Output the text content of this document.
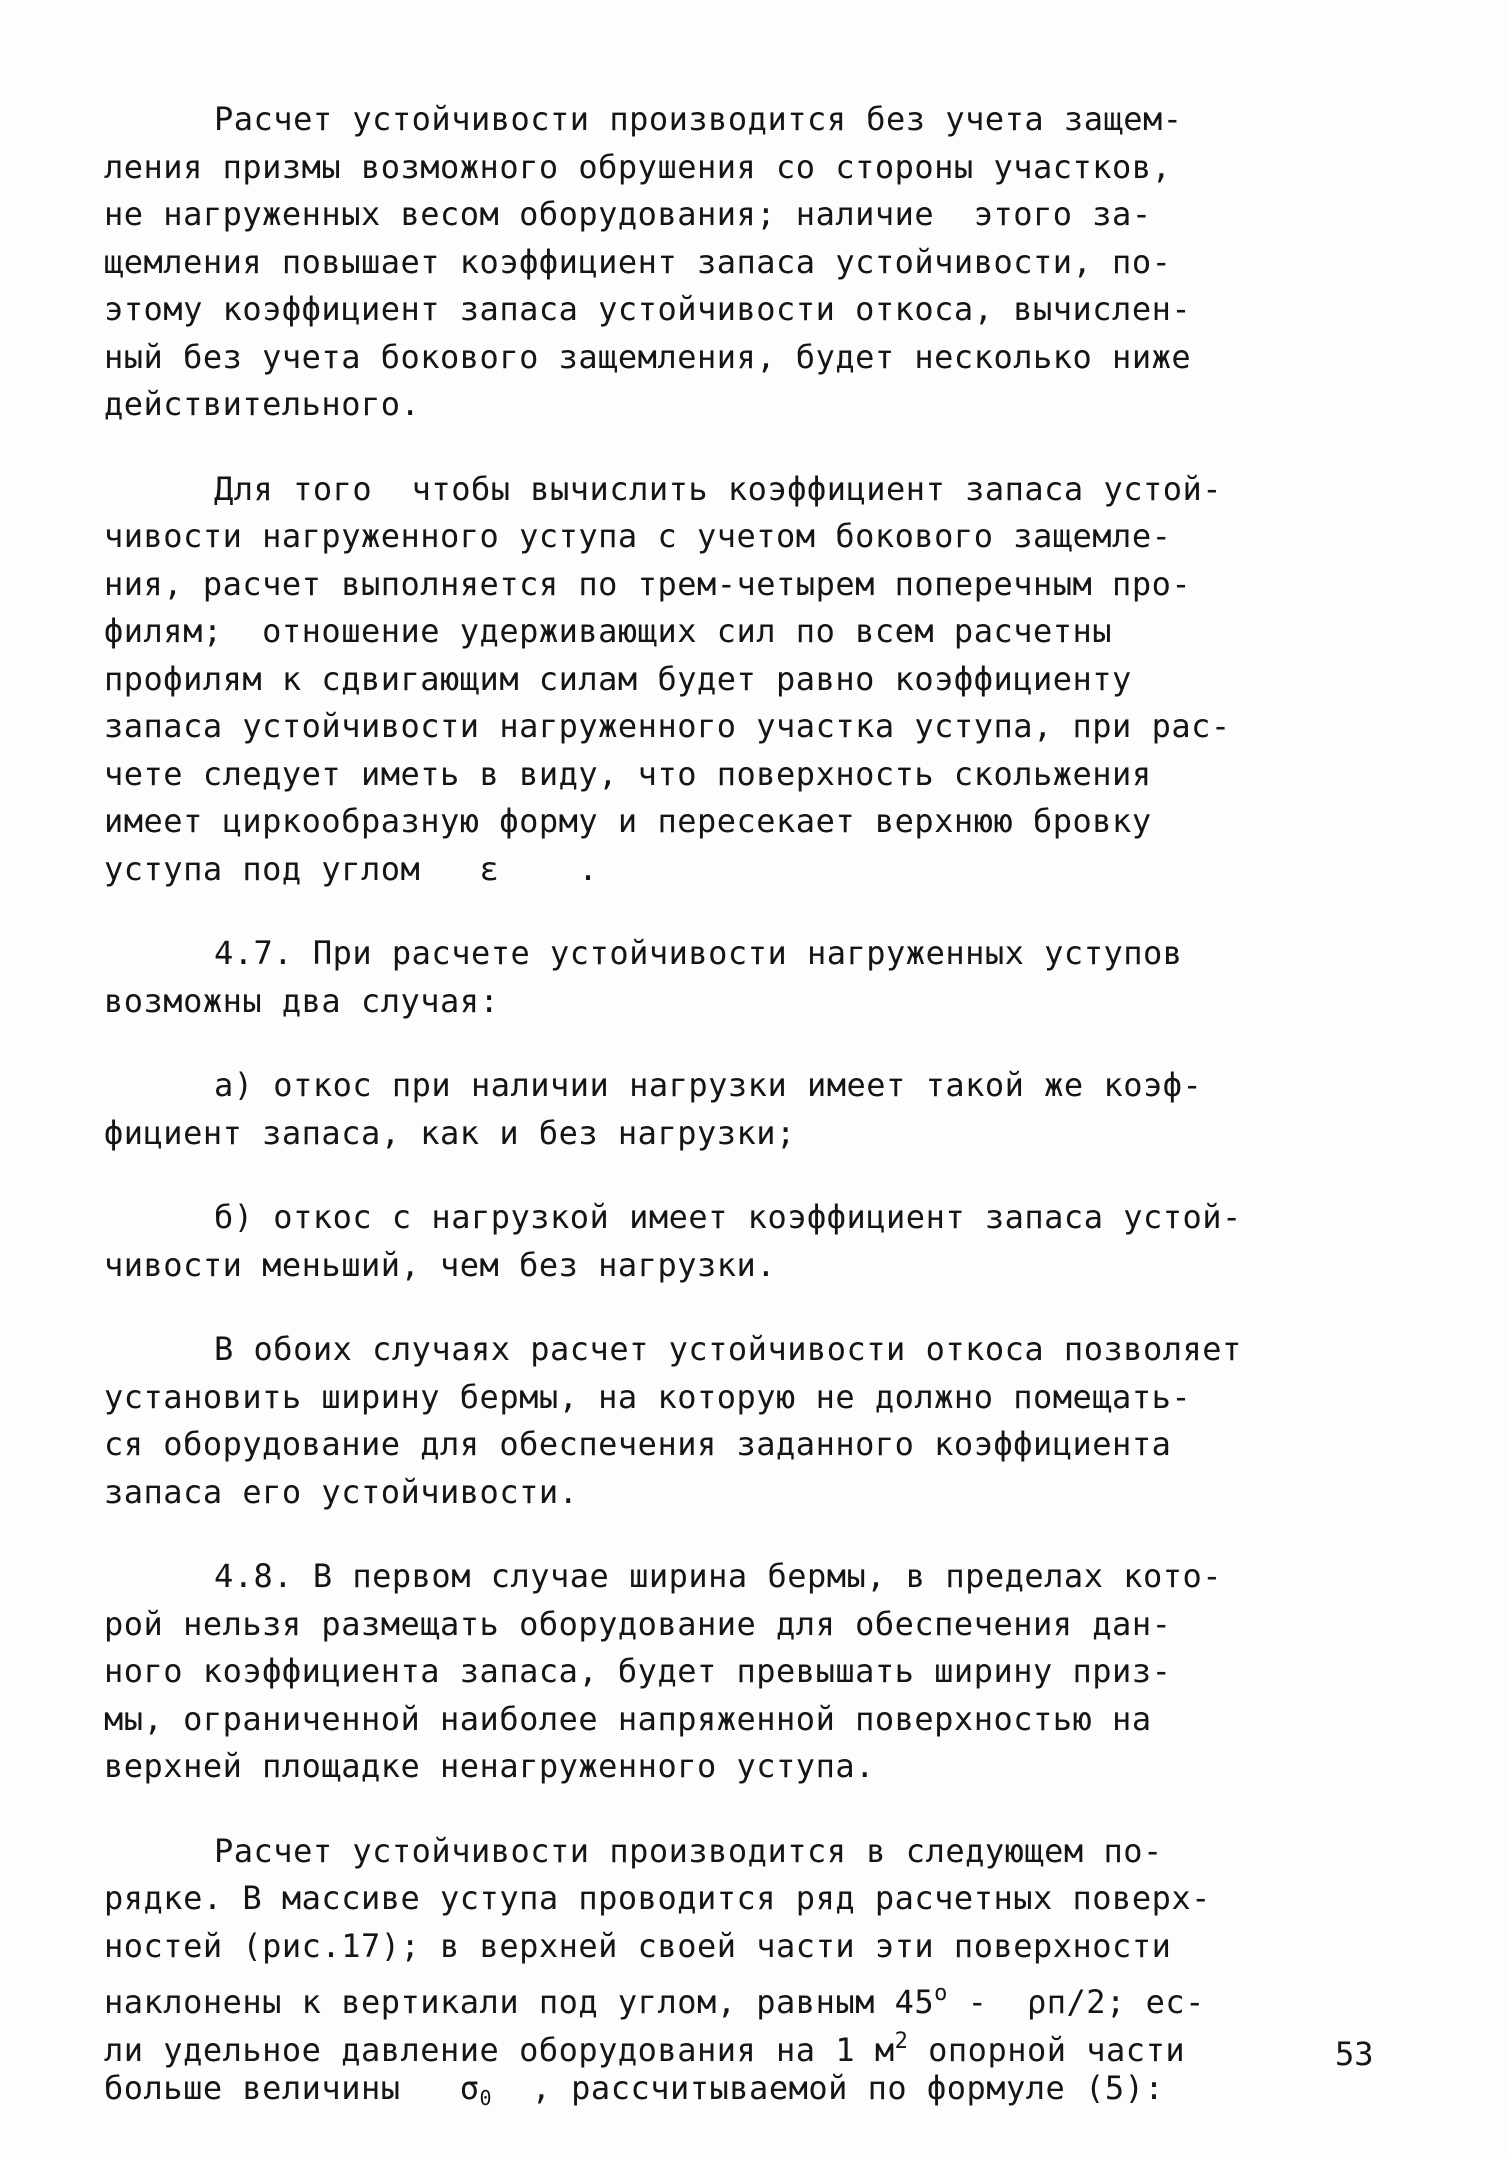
Расчет устойчивости производится без учета защем-
ления призмы возможного обрушения со стороны участков,
не нагруженных весом оборудования; наличие  этого за-
щемления повышает коэффициент запаса устойчивости, по-
этому коэффициент запаса устойчивости откоса, вычислен-
ный без учета бокового защемления, будет несколько ниже
действительного.
Для того  чтобы вычислить коэффициент запаса устой-
чивости нагруженного уступа с учетом бокового защемле-
ния, расчет выполняется по трем-четырем поперечным про-
филям;  отношение удерживающих сил по всем расчетны
профилям к сдвигающим силам будет равно коэффициенту
запаса устойчивости нагруженного участка уступа, при рас-
чете следует иметь в виду, что поверхность скольжения
имеет циркообразную форму и пересекает верхнюю бровку
уступа под углом   ε    .
4.7. При расчете устойчивости нагруженных уступов
возможны два случая:
а) откос при наличии нагрузки имеет такой же коэф-
фициент запаса, как и без нагрузки;
б) откос с нагрузкой имеет коэффициент запаса устой-
чивости меньший, чем без нагрузки.
В обоих случаях расчет устойчивости откоса позволяет
установить ширину бермы, на которую не должно помещать-
ся оборудование для обеспечения заданного коэффициента
запаса его устойчивости.
4.8. В первом случае ширина бермы, в пределах кото-
рой нельзя размещать оборудование для обеспечения дан-
ного коэффициента запаса, будет превышать ширину приз-
мы, ограниченной наиболее напряженной поверхностью на
верхней площадке ненагруженного уступа.
Расчет устойчивости производится в следующем по-
рядке. В массиве уступа проводится ряд расчетных поверх-
ностей (рис.17); в верхней своей части эти поверхности
наклонены к вертикали под углом, равным $45^о - \rho п/2$; ес-
ли удельное давление оборудования на 1 $м^2$ опорной части
больше величины   $\sigma_0$  , рассчитываемой по формуле (5):
53
